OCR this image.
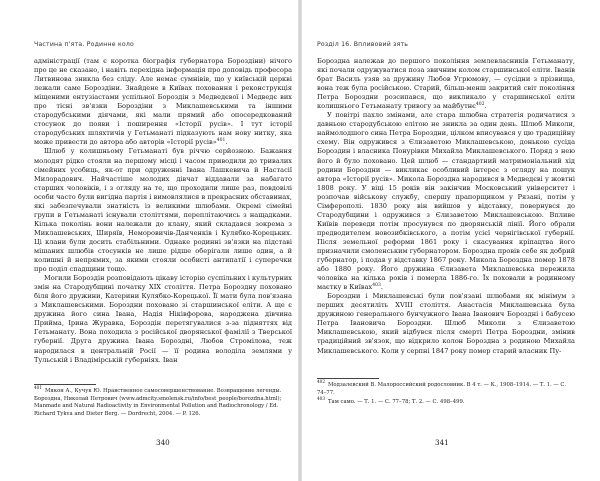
Частина п'ята. Родинне коло

адміністрації (там є коротка біографія губернатора Бороздіни) нічого про це не сказано, і навіть перехідна інформація про доповідь професора Литвинова зникла без сліду. Але немає сумнівів, що у київській церкві лежали саме Бороздіни. Знайдене в Київах поховання і реконструкція міщеними ентузіастами успільної Бороздін з Медведєвої і Медведє вих про тісні зв'язки Бороздіни з Миклашевськими та іншими стародубськими діячами, які мали прямий або опосередкований стосунок до появи і поширення «Історії русів». І тут історії стародубських шляхтичів у Гетьманаті підказують нам нову нитку, яка може привести до автора або авторів «Історії русів»$^{401}$.

Шлюб у колишньому Гетьманаті був річчю серйозною. Бажання молодят рідко стояли на першому місці і часом приводили до тривалих сімейних усобиць, як-от при одруженні Івана Лашкевича й Настасії Милорадович. Найчастіше молодих дівчат віддавали за набагато старших чоловіків, і з огляду на те, що проходили лише раз, повдовілі особи часто були вигідна партія і вимовлялися в прекрасних обставинах, які забезпечували знатність із великими шлюбами. Окремі сімейні групи в Гетьманаті існували століттями, переплітаючись з нащадками. Кілька поколінь вони належали до клану, який складався зокрема з Миклашевських, Ширяїв, Неморовичів-Данченків і Кулябко-Корецьких. Ці клани були досить стабільними. Однаке родинні зв'язки на підставі мішаних шлюбів стосунків не лише рідше оберігали лише один, а й колишні й непрямих, за якими стояли особисті антипатії і суперечки про поділ спадщини тощо.

Могили Бороздін розповідають цікаву історію суспільних і культурних змін на Стародубщині початку XIX століття. Петра Бороздну поховано біля його дружини, Катерини Кулябко-Корецької. Її мати була пов'язана з Миклашевськими. Бороздни поховано зі старшинської еліти. А ще є дружина його сина Івана, Надія Ніківфорова, народжена дівчина Прийма, Ірина Журавка, Бороздін перетягувалися з-за підняттях від Гетьманату. Вона походила з російської дворянської фамілії з Тверської губернії. Друга дружина Івана Бороздні, Любов Стромілова, теж народилася в центральній Росії — її родина володіла землями у Тульській і Владімірській губерніях. Іван

$^{401}$Мякон А., Кучук Ю. Нравственное самосовершенствование. Возвращение легенды. Бороздна, Николай Петрович (www.admcity.smolensk.ru/info/best_people/borozdna.html); Manmade and Natural Radioactivity in Environmental Pollution and Radiochronology / Ed. Richard Tykva and Dieter Berg. — Dordrecht, 2004. — P. 126.

340
Розділ 16. Впливовий зять

Бороздна належав до першого покоління землевласників Гетьманату, які почали одружуватися поза звичним колом старшинської еліти. Іванів брат Василь узяв за дружину Любов Угрюмову, — сусідни з прізвища, вона теж була російською. Старий, більш-менш закритий світ покоління Петра Бороздни розсипався, що викликало у старшинської еліти колишнього Гетьманату тривогу за майбутнє$^{402}$.

У повітрі пахло змінами, але стара шлюбна стратегія родичатися з давньою стародубською елітою не зникла за один день. Шлюб Миколи, наймолодшого сина Петра Бороздни, цілком вписувався у цю традиційну схему. Він одружився з Єлизаветою Миклашевською, донькою сусіда Бороздин і власника Понурівки Михайла Миклашевського. Поряд з нею його й було поховано. Цей шлюб — стандартний матримоніальний хід родини Бороздни — викликає особливий інтерес з огляду на пошук автора «Історії русів». Микола Бороздна народився в Медведєві у жовтні 1808 року. У віці 15 років він закінчив Московський університет і розпочав військову службу, спершу прапорщиком у Рязані, потім у Сімферополі. 1830 року він вийшов у відставку, повернувся до Стародубщини і одружився з Єлизаветою Миклашевською. Впливе Київів переведи потім просунувся по дворянській лінії. Його обрали предводителем новозибківського, а потім усієї чернігівської губернії. Після земельної реформи 1861 року і скасування кріпацтва його призначили смоленським губернатором. Бороздна провів себе як добрий губернатор, і подав у відставку 1867 року. Микола Бороздна помер 1878 або 1880 року. Його дружина Єлизавета Миклашевська пережила чоловіка на кілька років і померла 1886-го. Їх поховали в родинному маєтку в Київах$^{403}$.

Бороздни і Миклашевські були пов'язані шлюбами як мінімум з перших десятиліть XVIII століття. Анастасія Миклашевська була дружиною генерального бунчужного Івана Іванович Бороздні і бабусею Петра Івановича Бороздни. Шлюб Миколи з Єлизаветою Миклашевською, який відбувся після смерті Петра Бороздни, змінив традиційний зв'язок, що відкрило колон Бороздна з родиною Михайла Миклашевського. Коли у серпні 1847 року помер старий власник Пу-

$^{402}$Модзалевский В. Малороссийский родословник. В 4 т. — К., 1908–1914. — Т. 1. — С. 74–77.

$^{403}$Там само. — Т. 1. — С. 77–78; Т. 2. — С. 498–499.

341
